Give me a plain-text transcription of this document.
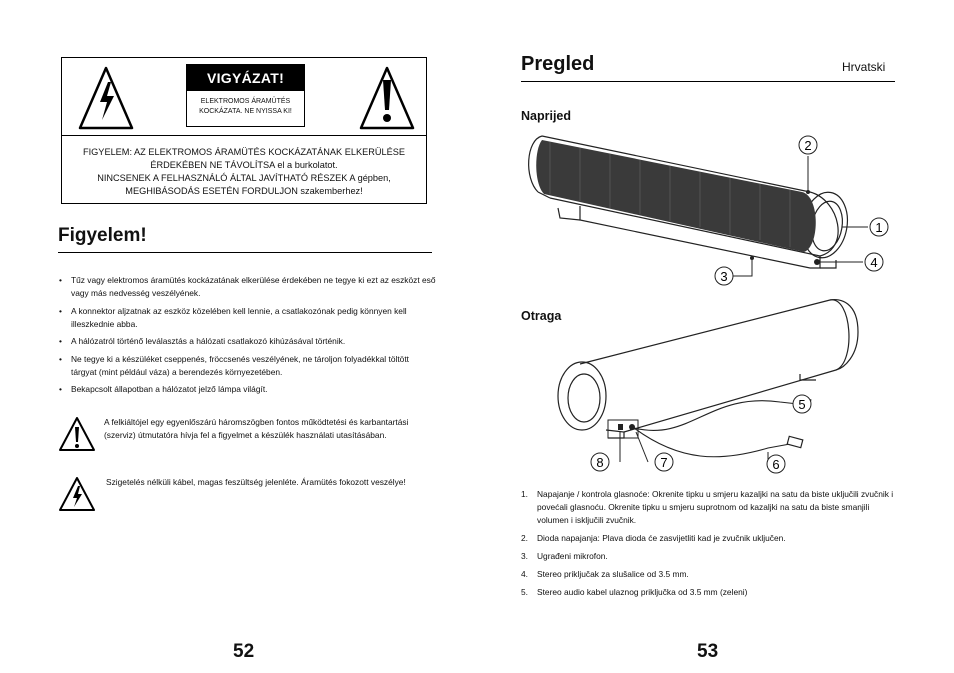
VIGYÁZAT!
ELEKTROMOS ÁRAMÜTÉS
KOCKÁZATA. NE NYISSA KI!
FIGYELEM: AZ ELEKTROMOS ÁRAMÜTÉS KOCKÁZATÁNAK ELKERÜLÉSE
ÉRDEKÉBEN NE TÁVOLÍTSA el a burkolatot.
NINCSENEK A FELHASZNÁLÓ ÁLTAL JAVÍTHATÓ RÉSZEK A gépben,
MEGHIBÁSODÁS ESETÉN FORDULJON szakemberhez!
Figyelem!
• Tűz vagy elektromos áramütés kockázatának elkerülése érdekében ne tegye ki ezt az eszközt eső vagy más nedvesség veszélyének.
• A konnektor aljzatnak az eszköz közelében kell lennie, a csatlakozónak pedig könnyen kell illeszkednie abba.
• A hálózatról történő leválasztás a hálózati csatlakozó kihúzásával történik.
• Ne tegye ki a készüléket cseppenés, fröccsenés veszélyének, ne tároljon folyadékkal töltött tárgyat (mint például váza) a berendezés környezetében.
• Bekapcsolt állapotban a hálózatot jelző lámpa világít.
A felkiáltójel egy egyenlőszárú háromszögben fontos működtetési és karbantartási (szerviz) útmutatóra hívja fel a figyelmet a készülék használati utasításában.
Szigetelés nélküli kábel, magas feszültség jelenléte. Áramütés fokozott veszélye!
52
Pregled	Hrvatski
Naprijed
2
1
3
4
Otraga
5
6
7
8
1. Napajanje / kontrola glasnoće: Okrenite tipku u smjeru kazaljki na satu da biste uključili zvučnik i povećali glasnoću. Okrenite tipku u smjeru suprotnom od kazaljki na satu da biste smanjili volumen i isključili zvučnik.
2. Dioda napajanja: Plava dioda će zasvijetliti kad je zvučnik uključen.
3. Ugrađeni mikrofon.
4. Stereo priključak za slušalice od 3.5 mm.
5. Stereo audio kabel ulaznog priključka od 3.5 mm (zeleni)
53
